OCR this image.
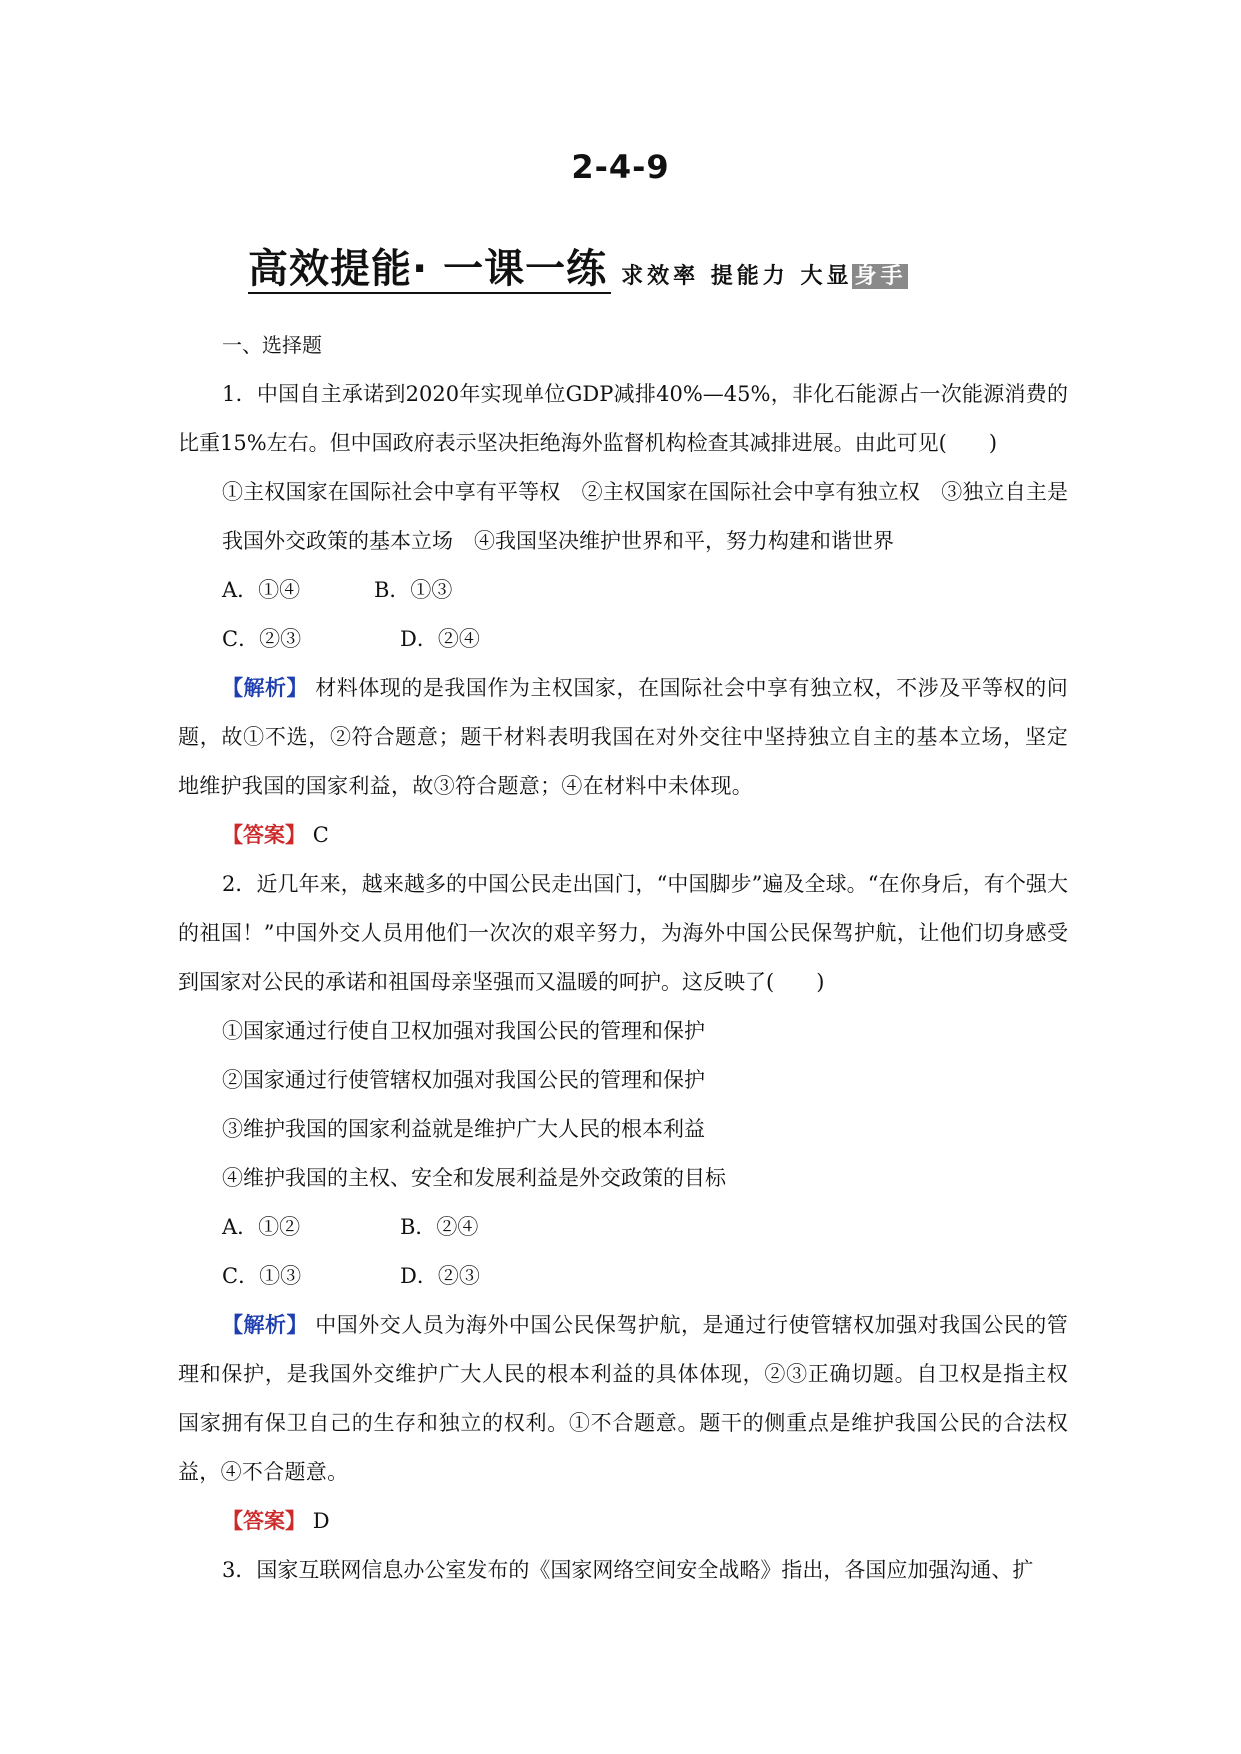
2-4-9
高效提能· 一课一练 求效率 提能力 大显身手

一、选择题

1．中国自主承诺到2020年实现单位GDP减排40%—45%，非化石能源占一次能源消费的比重15%左右。但中国政府表示坚决拒绝海外监督机构检查其减排进展。由此可见(　　)

①主权国家在国际社会中享有平等权　②主权国家在国际社会中享有独立权　③独立自主是我国外交政策的基本立场　④我国坚决维护世界和平，努力构建和谐世界

A．①④	B．①③
C．②③	D．②④

【解析】 材料体现的是我国作为主权国家，在国际社会中享有独立权，不涉及平等权的问题，故①不选，②符合题意；题干材料表明我国在对外交往中坚持独立自主的基本立场，坚定地维护我国的国家利益，故③符合题意；④在材料中未体现。

【答案】 C

2．近几年来，越来越多的中国公民走出国门，“中国脚步”遍及全球。“在你身后，有个强大的祖国！”中国外交人员用他们一次次的艰辛努力，为海外中国公民保驾护航，让他们切身感受到国家对公民的承诺和祖国母亲坚强而又温暖的呵护。这反映了(　　)

①国家通过行使自卫权加强对我国公民的管理和保护

②国家通过行使管辖权加强对我国公民的管理和保护

③维护我国的国家利益就是维护广大人民的根本利益

④维护我国的主权、安全和发展利益是外交政策的目标

A．①②	B．②④
C．①③	D．②③

【解析】 中国外交人员为海外中国公民保驾护航，是通过行使管辖权加强对我国公民的管理和保护，是我国外交维护广大人民的根本利益的具体体现，②③正确切题。自卫权是指主权国家拥有保卫自己的生存和独立的权利。①不合题意。题干的侧重点是维护我国公民的合法权益，④不合题意。

【答案】 D

3．国家互联网信息办公室发布的《国家网络空间安全战略》指出，各国应加强沟通、扩
